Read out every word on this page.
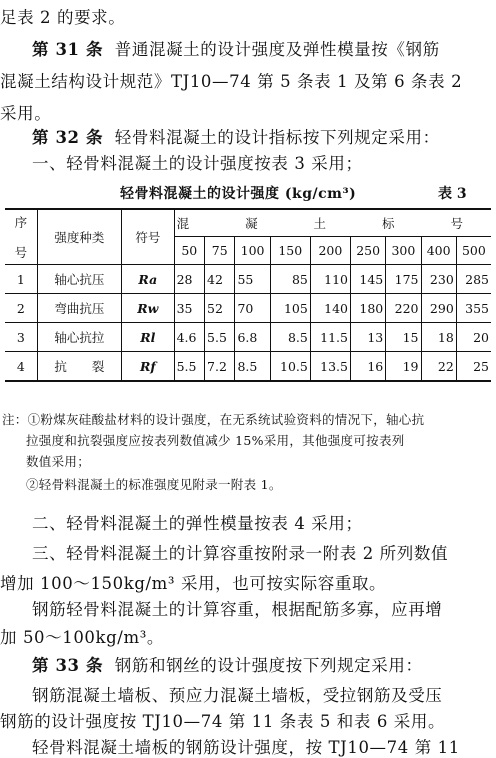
足表 2 的要求。
第 31 条 普通混凝土的设计强度及弹性模量按《钢筋
混凝土结构设计规范》TJ10—74 第 5 条表 1 及第 6 条表 2
采用。
第 32 条 轻骨料混凝土的设计指标按下列规定采用：
一、轻骨料混凝土的设计强度按表 3 采用；
轻骨料混凝土的设计强度 (kg/cm³)	表 3
序
号	强度种类	符号	混 凝 土 标 号								
			50	75	100	150	200	250	300	400	500
1	轴心抗压	Ra	28	42	55	85	110	145	175	230	285
2	弯曲抗压	Rw	35	52	70	105	140	180	220	290	355
3	轴心抗拉	Rl	4.6	5.5	6.8	8.5	11.5	13	15	18	20
4	抗　　裂	Rf	5.5	7.2	8.5	10.5	13.5	16	19	22	25
注：①粉煤灰硅酸盐材料的设计强度，在无系统试验资料的情况下，轴心抗
拉强度和抗裂强度应按表列数值减少 15%采用，其他强度可按表列
数值采用；
②轻骨料混凝土的标准强度见附录一附表 1。
二、轻骨料混凝土的弹性模量按表 4 采用；
三、轻骨料混凝土的计算容重按附录一附表 2 所列数值
增加 100～150kg/m³ 采用，也可按实际容重取。
钢筋轻骨料混凝土的计算容重，根据配筋多寡，应再增
加 50～100kg/m³。
第 33 条 钢筋和钢丝的设计强度按下列规定采用：
钢筋混凝土墙板、预应力混凝土墙板，受拉钢筋及受压
钢筋的设计强度按 TJ10—74 第 11 条表 5 和表 6 采用。
轻骨料混凝土墙板的钢筋设计强度，按 TJ10—74 第 11
